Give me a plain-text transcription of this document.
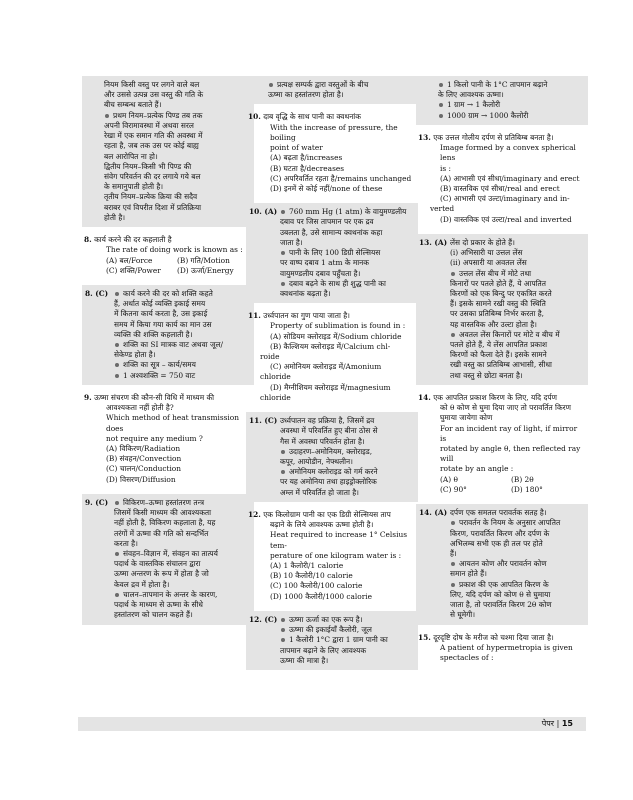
नियम किसी वस्तु पर लगने वाले बल
और उससे उत्पन्न उस वस्तु की गति के
बीच सम्बन्ध बताते हैं।
प्रथम नियम–प्रत्येक पिण्ड तब तक
अपनी विरामावस्था में अथवा सरल
रेखा में एक समान गति की अवस्था में
रहता है, जब तक उस पर कोई बाह्य
बल आरोपित ना हो।
द्वितीय नियम–किसी भी पिण्ड की
संवेग परिवर्तन की दर लगाये गये बल
के समानुपाती होती है।
तृतीय नियम–प्रत्येक क्रिया की सदैव
बराबर एवं विपरीत दिशा में प्रतिक्रिया
होती है।
8. कार्य करने की दर कहलाती है
The rate of doing work is known as :
(A) बल/Force	(B) गति/Motion
(C) शक्ति/Power	(D) ऊर्जा/Energy
8. (C)	कार्य करने की दर को शक्ति कहते
हैं, अर्थात कोई व्यक्ति इकाई समय
में कितना कार्य करता है, उस इकाई
समय में किया गया कार्य का मान उस
व्यक्ति की शक्ति कहलाती है।
शक्ति का SI मात्रक वाट अथवा जूल/
सेकेण्ड होता है।
शक्ति का सूत्र – कार्य/समय
1 अश्वशक्ति = 750 वाट
9. ऊष्मा संचरण की कौन-सी विधि में माध्यम की
आवश्यकता नहीं होती है?
Which method of heat transmission does
not require any medium ?
(A) विकिरण/Radiation
(B) संवहन/Convection
(C) चालन/Conduction
(D) विसरण/Diffusion
9. (C)	विकिरण–ऊष्मा हस्तांतरण तन्त्र
जिसमें किसी माध्यम की आवश्यकता
नहीं होती है, विकिरण कहलाता है, यह
तरंगों में ऊष्मा की गति को सन्दर्भित
करता है।
संवहन–विज्ञान में, संवहन का तात्पर्य
पदार्थ के वास्तविक संचालन द्वारा
ऊष्मा अन्तरण के रूप में होता है जो
केवल द्रव में होता है।
चालन–तापमान के अन्तर के कारण,
पदार्थ के माध्यम से ऊष्मा के सीधे
हस्तांतरण को चालन कहते हैं।
प्रत्यक्ष सम्पर्क द्वारा वस्तुओं के बीच
ऊष्मा का हस्तांतरण होता है।
10. दाब वृद्धि के साथ पानी का क्वथनांक
With the increase of pressure, the boiling
point of water
(A) बढ़ता है/increases
(B) घटता है/decreases
(C) अपरिवर्तित रहता है/remains unchanged
(D) इनमें से कोई नहीं/none of these
10. (A)	760 mm Hg (1 atm) के वायुमण्डलीय
दबाव पर जिस तापमान पर एक द्रव
उबलता है, उसे सामान्य क्वथनांक कहा
जाता है।
पानी के लिए 100 डिग्री सेल्सियस
पर वाष्प दबाव 1 atm के मानक
वायुमण्डलीय दबाव पहुँचता है।
दबाव बढ़ने के साथ ही शुद्ध पानी का
क्वथनांक बढ़ता है।
11. उर्ध्वपातन का गुण पाया जाता है।
Property of sublimation is found in :
(A) सोडियम क्लोराइड में/Sodium chloride
(B) कैल्शियम क्लोराइड में/Calcium chl-
roide
(C) अमोनियम क्लोराइड में/Amonium
chloride
(D) मैग्नीशियम क्लोराइड में/magnesium
chloride
11. (C) उर्ध्वपातन वह प्रक्रिया है, जिसमें द्रव
अवस्था में परिवर्तित हुए बीना ठोस से
गैस में अवस्था परिवर्तन होता है।
उदाहरण–अमोनियम, क्लोराइड,
कपूर, आयोडीन, नेफ्थलीन।
अमोनियम क्लोराइड को गर्म करने
पर यह अमोनिया तथा हाइड्रोक्लोरिक
अम्ल में परिवर्तित हो जाता है।
12. एक किलोग्राम पानी का एक डिग्री सेल्सियस ताप
बढ़ाने के लिये आवश्यक ऊष्मा होती है।
Heat required to increase 1° Celsius tem-
perature of one kilogram water is :
(A) 1 कैलोरी/1 calorie
(B) 10 कैलोरी/10 calorie
(C) 100 कैलोरी/100 calorie
(D) 1000 कैलोरी/1000 calorie
12. (C)	ऊष्मा ऊर्जा का एक रूप है।
ऊष्मा की इकाईयाँ कैलोरी, जूल
1 कैलोरी 1°C द्वारा 1 ग्राम पानी का
तापमान बढ़ाने के लिए आवश्यक
ऊष्मा की मात्रा है।
1 किलो पानी के 1°C तापमान बढ़ाने
के लिए आवश्यक ऊष्मा।
1 ग्राम → 1 कैलोरी
1000 ग्राम → 1000 कैलोरी
13. एक उत्तल गोलीय दर्पण से प्रतिबिम्ब बनता है।
Image formed by a convex spherical lens
is :
(A) आभासी एवं सीधा/imaginary and erect
(B) वास्तविक एवं सीधा/real and erect
(C) आभासी एवं उल्टा/imaginary and in-
verted
(D) वास्तविक एवं उल्टा/real and inverted
13. (A) लेंस दो प्रकार के होते हैं।
(i) अभिसारी या उत्तल लेंस
(ii) अपसारी या अवतल लेंस
उत्तल लेंस बीच में मोटे तथा
किनारों पर पतले होते हैं, ये आपतित
किरणों को एक बिन्दु पर एकत्रित करते
हैं। इसके सामने रखी वस्तु की स्थिति
पर उसका प्रतिबिम्ब निर्भर करता है,
यह वास्तविक और उल्टा होता है।
अवतल लेंस किनारों पर मोटे व बीच में
पतले होते हैं, ये लेंस आपतित प्रकाश
किरणों को फैला देते हैं। इसके सामने
रखी वस्तु का प्रतिबिम्ब आभासी, सीधा
तथा वस्तु से छोटा बनता है।
14. एक आपतित प्रकाश किरण के लिए, यदि दर्पण
को θ कोण से घुमा दिया जाए तो परावर्तित किरण
घुमाया जायेगा कोण
For an incident ray of light, if mirror is
rotated by angle θ, then reflected ray will
rotate by an angle :
(A) θ	(B) 2θ
(C) 90°	(D) 180°
14. (A) दर्पण एक समतल परावर्तक सतह है।
परावर्तन के नियम के अनुसार आपतित
किरण, परावर्तित किरण और दर्पण के
अभिलम्ब सभी एक ही तल पर होते
हैं।
आयतन कोण और परावर्तन कोण
समान होते हैं।
प्रकाश की एक आपतित किरण के
लिए, यदि दर्पण को कोण θ से घुमाया
जाता है, तो परावर्तित किरण 2θ कोण
से घूमेगी।
15. दूरदृष्टि दोष के मरीज को चश्मा दिया जाता है।
A patient of hypermetropia is given
spectacles of :
पेपर | 15
